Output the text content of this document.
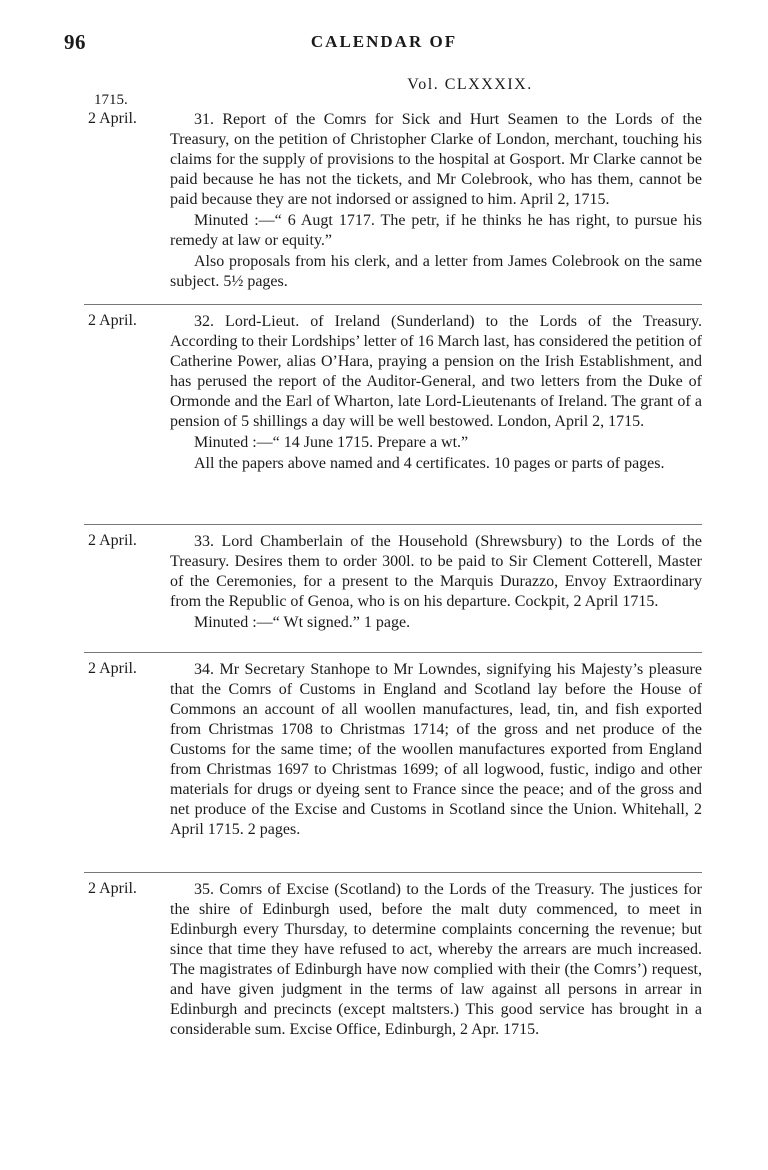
96	CALENDAR OF
Vol. CLXXXIX.
1715.
2 April.	31. Report of the Comrs for Sick and Hurt Seamen to the Lords of the Treasury, on the petition of Christopher Clarke of London, merchant, touching his claims for the supply of provisions to the hospital at Gosport. Mr Clarke cannot be paid because he has not the tickets, and Mr Colebrook, who has them, cannot be paid because they are not indorsed or assigned to him. April 2, 1715.

Minuted :—“ 6 Augt 1717. The petr, if he thinks he has right, to pursue his remedy at law or equity.”

Also proposals from his clerk, and a letter from James Colebrook on the same subject. 5½ pages.

2 April.	32. Lord-Lieut. of Ireland (Sunderland) to the Lords of the Treasury. According to their Lordships’ letter of 16 March last, has considered the petition of Catherine Power, alias O’Hara, praying a pension on the Irish Establishment, and has perused the report of the Auditor-General, and two letters from the Duke of Ormonde and the Earl of Wharton, late Lord-Lieutenants of Ireland. The grant of a pension of 5 shillings a day will be well bestowed. London, April 2, 1715.

Minuted :—“ 14 June 1715. Prepare a wt.”

All the papers above named and 4 certificates. 10 pages or parts of pages.

2 April.	33. Lord Chamberlain of the Household (Shrewsbury) to the Lords of the Treasury. Desires them to order 300l. to be paid to Sir Clement Cotterell, Master of the Ceremonies, for a present to the Marquis Durazzo, Envoy Extraordinary from the Republic of Genoa, who is on his departure. Cockpit, 2 April 1715.

Minuted :—“ Wt signed.” 1 page.

2 April.	34. Mr Secretary Stanhope to Mr Lowndes, signifying his Majesty’s pleasure that the Comrs of Customs in England and Scotland lay before the House of Commons an account of all woollen manufactures, lead, tin, and fish exported from Christmas 1708 to Christmas 1714; of the gross and net produce of the Customs for the same time; of the woollen manufactures exported from England from Christmas 1697 to Christmas 1699; of all logwood, fustic, indigo and other materials for drugs or dyeing sent to France since the peace; and of the gross and net produce of the Excise and Customs in Scotland since the Union. Whitehall, 2 April 1715. 2 pages.

2 April.	35. Comrs of Excise (Scotland) to the Lords of the Treasury. The justices for the shire of Edinburgh used, before the malt duty commenced, to meet in Edinburgh every Thursday, to determine complaints concerning the revenue; but since that time they have refused to act, whereby the arrears are much increased. The magistrates of Edinburgh have now complied with their (the Comrs’) request, and have given judgment in the terms of law against all persons in arrear in Edinburgh and precincts (except maltsters.) This good service has brought in a considerable sum. Excise Office, Edinburgh, 2 Apr. 1715.
